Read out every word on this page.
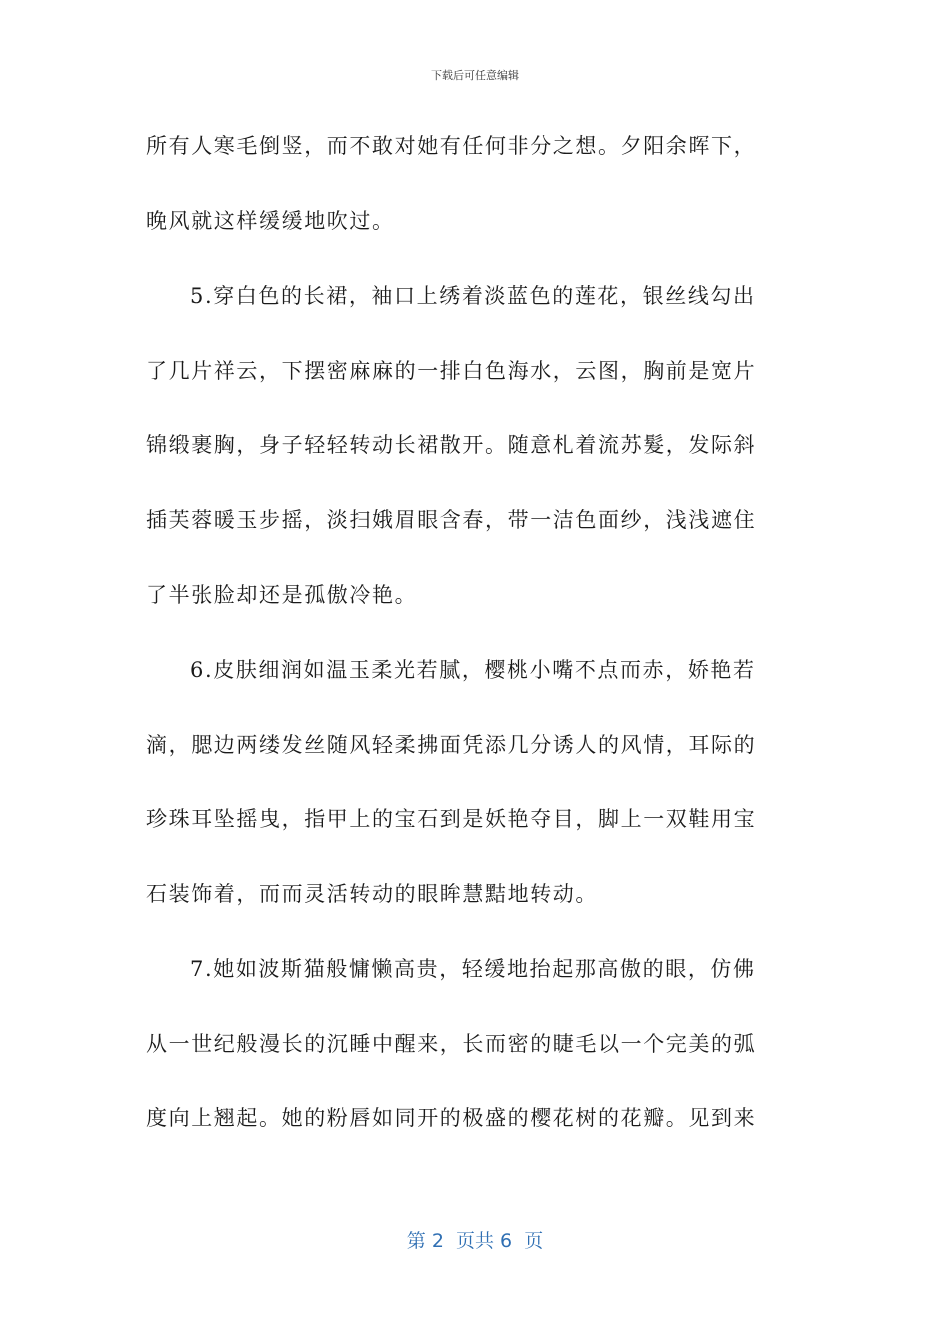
下载后可任意编辑
所有人寒毛倒竖，而不敢对她有任何非分之想。夕阳余晖下，
晚风就这样缓缓地吹过。
5.穿白色的长裙，袖口上绣着淡蓝色的莲花，银丝线勾出
了几片祥云，下摆密麻麻的一排白色海水，云图，胸前是宽片
锦缎裹胸，身子轻轻转动长裙散开。随意札着流苏髮，发际斜
插芙蓉暖玉步摇，淡扫娥眉眼含春，带一洁色面纱，浅浅遮住
了半张脸却还是孤傲冷艳。
6.皮肤细润如温玉柔光若腻，樱桃小嘴不点而赤，娇艳若
滴，腮边两缕发丝随风轻柔拂面凭添几分诱人的风情，耳际的
珍珠耳坠摇曳，指甲上的宝石到是妖艳夺目，脚上一双鞋用宝
石装饰着，而而灵活转动的眼眸慧黠地转动。
7.她如波斯猫般慵懒高贵，轻缓地抬起那高傲的眼，仿佛
从一世纪般漫长的沉睡中醒来，长而密的睫毛以一个完美的弧
度向上翘起。她的粉唇如同开的极盛的樱花树的花瓣。见到来
第 2  页共 6  页
